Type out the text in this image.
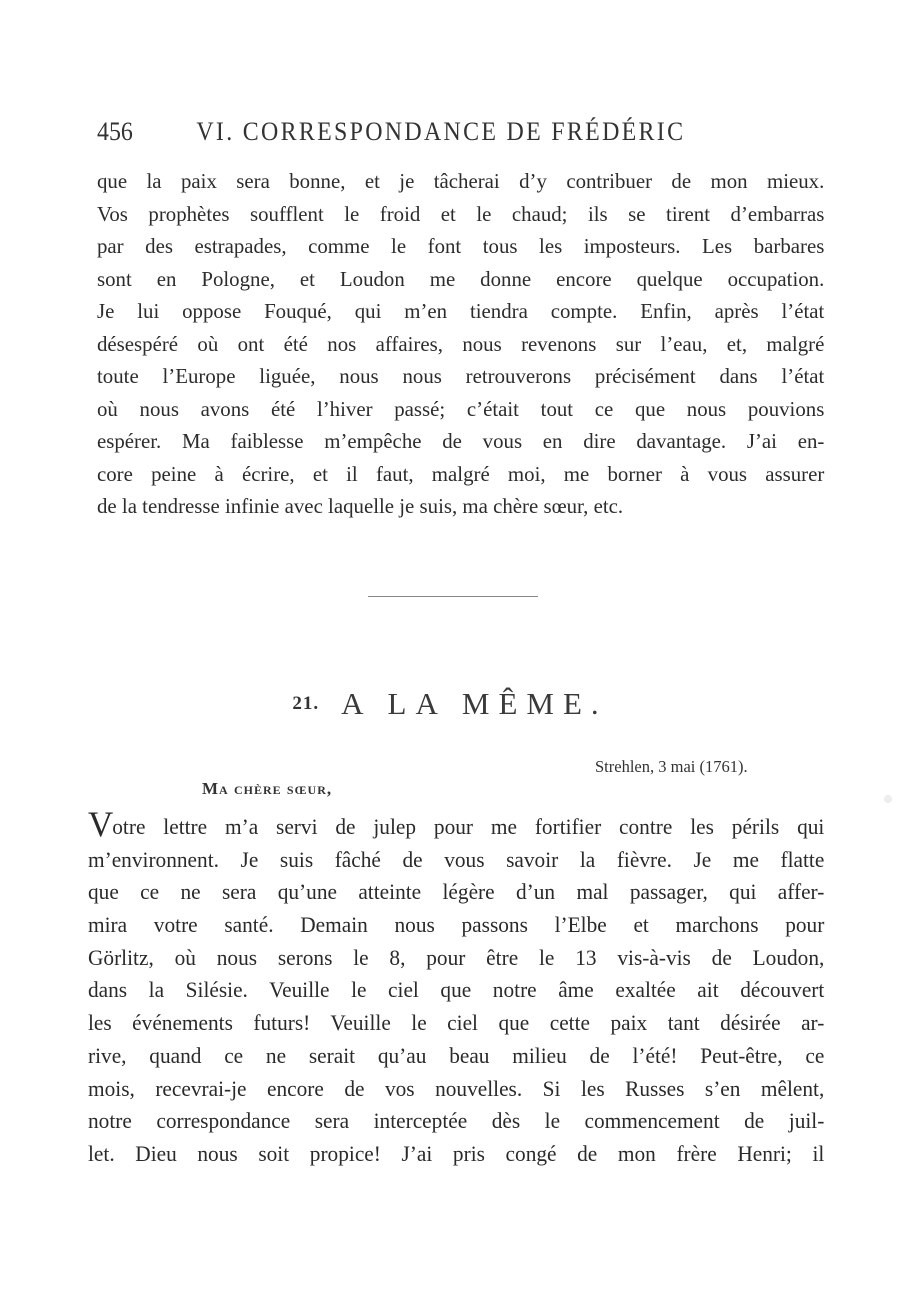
456 VI. CORRESPONDANCE DE FRÉDÉRIC
que la paix sera bonne, et je tâcherai d’y contribuer de mon mieux.
Vos prophètes soufflent le froid et le chaud; ils se tirent d’embarras
par des estrapades, comme le font tous les imposteurs. Les barbares
sont en Pologne, et Loudon me donne encore quelque occupation.
Je lui oppose Fouqué, qui m’en tiendra compte. Enfin, après l’état
désespéré où ont été nos affaires, nous revenons sur l’eau, et, malgré
toute l’Europe liguée, nous nous retrouverons précisément dans l’état
où nous avons été l’hiver passé; c’était tout ce que nous pouvions
espérer. Ma faiblesse m’empêche de vous en dire davantage. J’ai en-
core peine à écrire, et il faut, malgré moi, me borner à vous assurer
de la tendresse infinie avec laquelle je suis, ma chère sœur, etc.
21. A LA MÊME.
Strehlen, 3 mai (1761).
Ma chère sœur,
Votre lettre m’a servi de julep pour me fortifier contre les périls qui
m’environnent. Je suis fâché de vous savoir la fièvre. Je me flatte
que ce ne sera qu’une atteinte légère d’un mal passager, qui affer-
mira votre santé. Demain nous passons l’Elbe et marchons pour
Görlitz, où nous serons le 8, pour être le 13 vis-à-vis de Loudon,
dans la Silésie. Veuille le ciel que notre âme exaltée ait découvert
les événements futurs! Veuille le ciel que cette paix tant désirée ar-
rive, quand ce ne serait qu’au beau milieu de l’été! Peut-être, ce
mois, recevrai-je encore de vos nouvelles. Si les Russes s’en mêlent,
notre correspondance sera interceptée dès le commencement de juil-
let. Dieu nous soit propice! J’ai pris congé de mon frère Henri; il
